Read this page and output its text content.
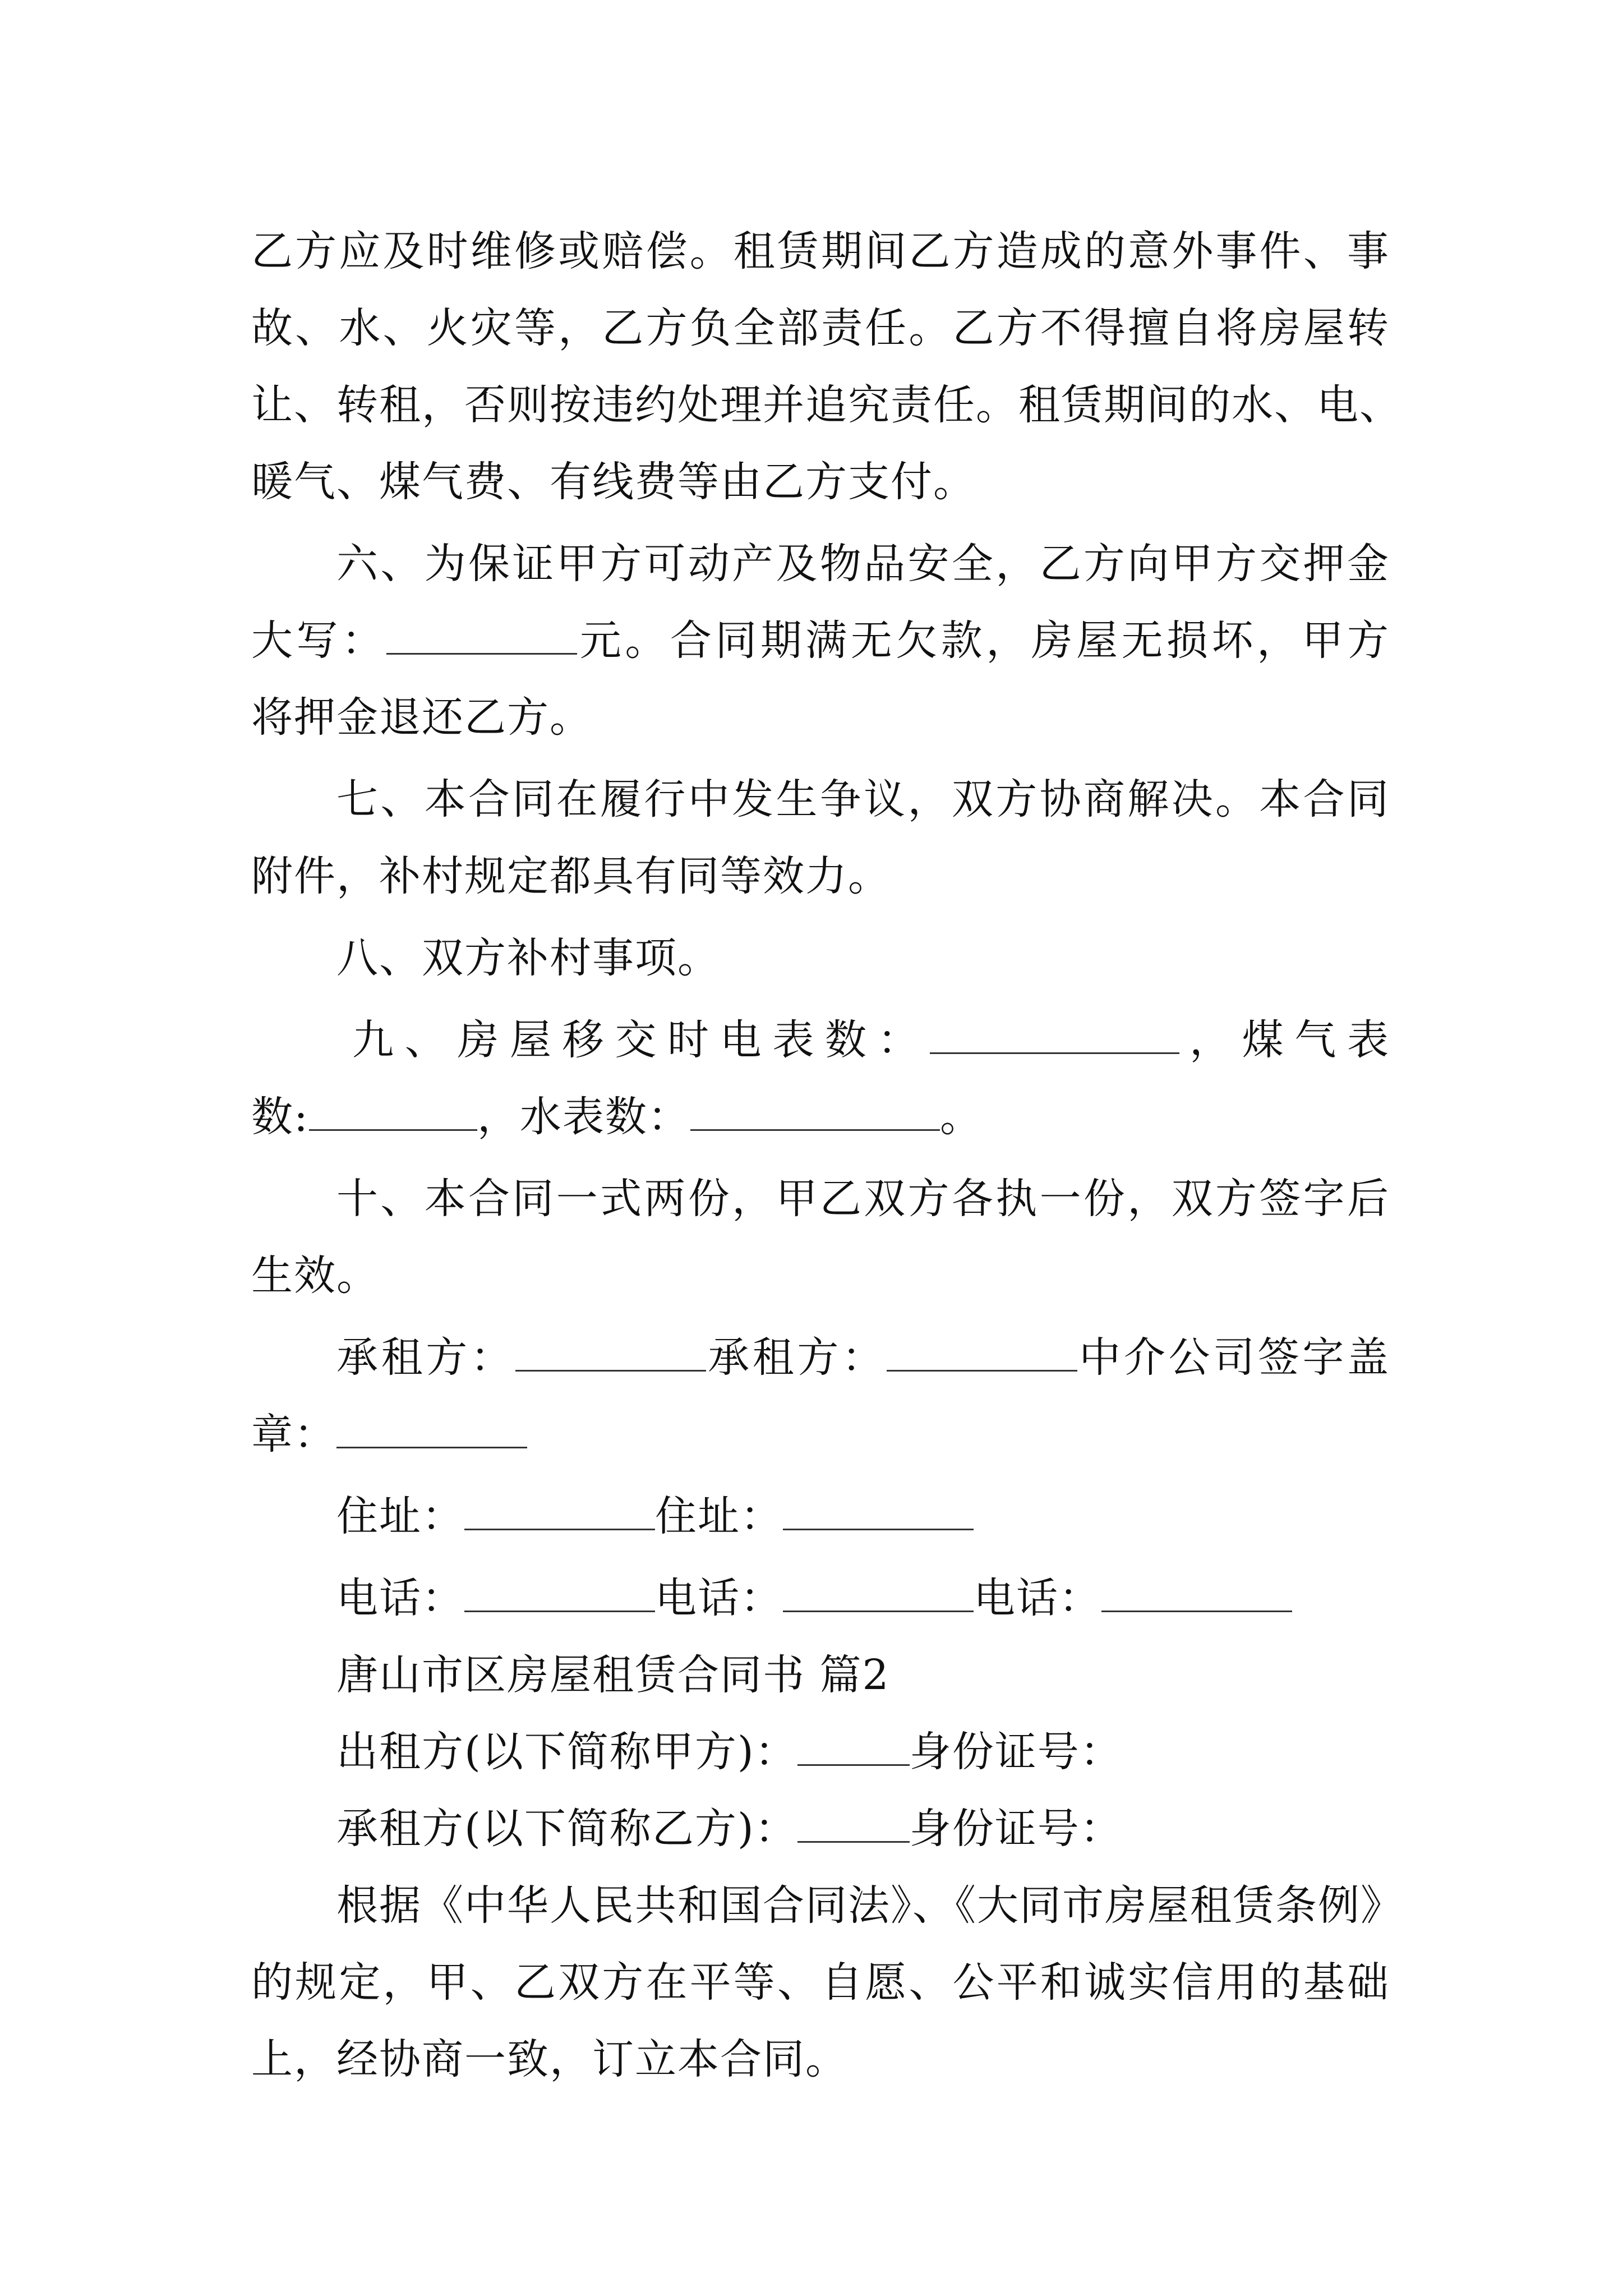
乙方应及时维修或赔偿。租赁期间乙方造成的意外事件、事
故、水、火灾等，乙方负全部责任。乙方不得擅自将房屋转
让、转租，否则按违约处理并追究责任。租赁期间的水、电、
暖气、煤气费、有线费等由乙方支付。
六、为保证甲方可动产及物品安全，乙方向甲方交押金
大写：	元。合同期满无欠款，房屋无损坏，甲方
将押金退还乙方。
七、本合同在履行中发生争议，双方协商解决。本合同
附件，补村规定都具有同等效力。
八、双方补村事项。
九、房屋移交时电表数：	，煤气表
数:	，水表数：	。
十、本合同一式两份，甲乙双方各执一份，双方签字后
生效。
承租方：	承租方：	中介公司签字盖
章：
住址：	住址：
电话：	电话：	电话：
唐山市区房屋租赁合同书 篇2
出租方(以下简称甲方)：	身份证号：
承租方(以下简称乙方)：	身份证号：
根据《中华人民共和国合同法》、《大同市房屋租赁条例》
的规定，甲、乙双方在平等、自愿、公平和诚实信用的基础
上，经协商一致，订立本合同。
